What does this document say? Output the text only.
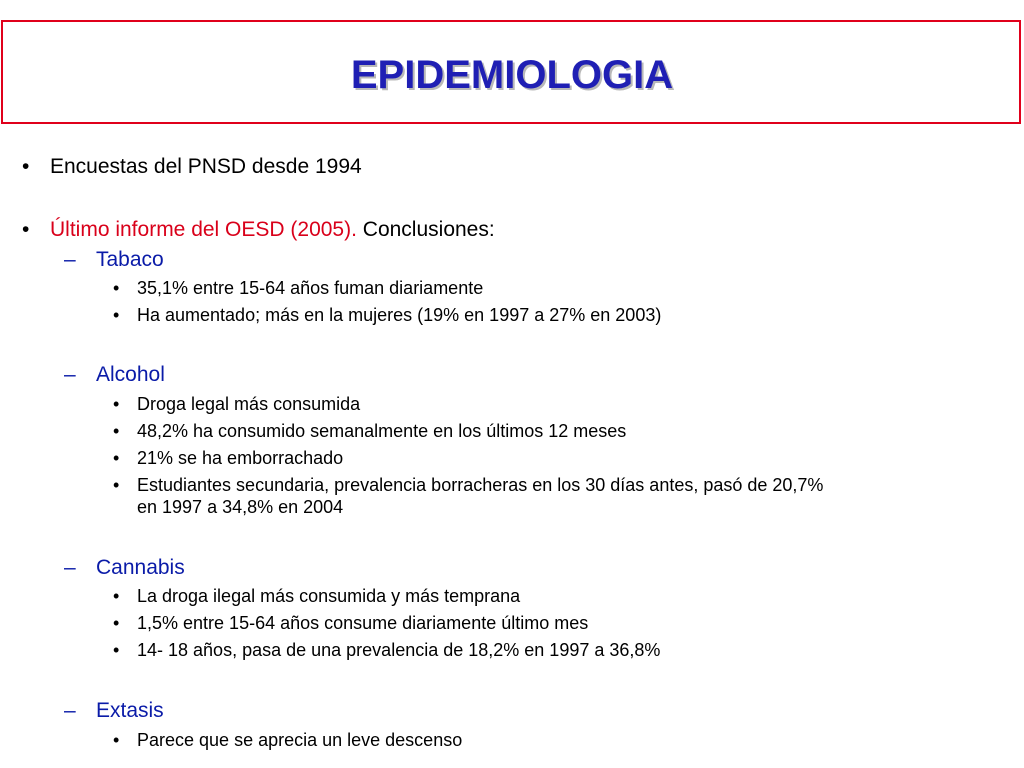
EPIDEMIOLOGIA
• Encuestas del PNSD desde 1994
• Último informe del OESD (2005). Conclusiones:
– Tabaco
• 35,1% entre 15-64 años fuman diariamente
• Ha aumentado; más en la mujeres (19% en 1997 a 27% en 2003)
– Alcohol
• Droga legal más consumida
• 48,2% ha consumido semanalmente en los últimos 12 meses
• 21% se ha emborrachado
• Estudiantes secundaria, prevalencia borracheras en los 30 días antes, pasó de 20,7%
en 1997 a 34,8% en 2004
– Cannabis
• La droga ilegal más consumida y más temprana
• 1,5% entre 15-64 años consume diariamente último mes
• 14- 18 años, pasa de una prevalencia de 18,2% en 1997 a 36,8%
– Extasis
• Parece que se aprecia un leve descenso
